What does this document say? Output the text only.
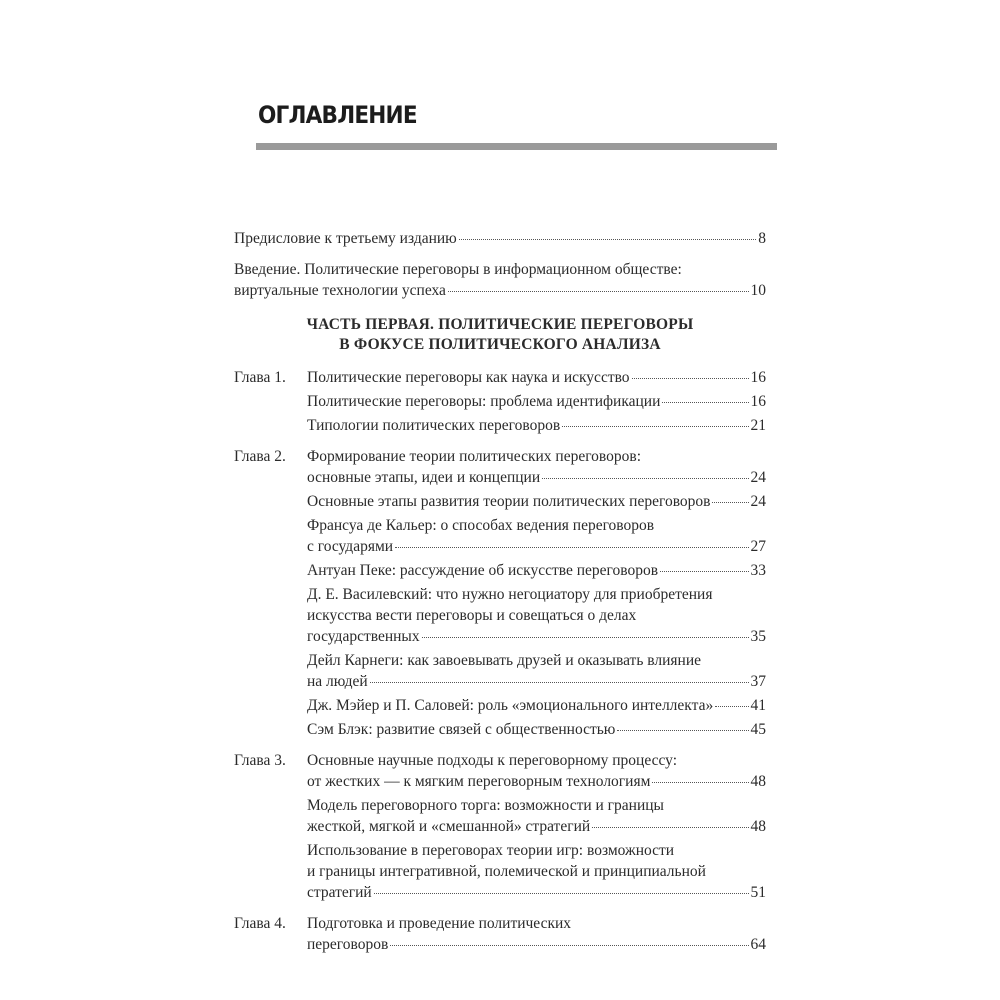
ОГЛАВЛЕНИЕ
Предисловие к третьему изданию	8
Введение. Политические переговоры в информационном обществе:
виртуальные технологии успеха	10
ЧАСТЬ ПЕРВАЯ. ПОЛИТИЧЕСКИЕ ПЕРЕГОВОРЫ
В ФОКУСЕ ПОЛИТИЧЕСКОГО АНАЛИЗА
Глава 1.	Политические переговоры как наука и искусство	16
Политические переговоры: проблема идентификации	16
Типологии политических переговоров	21
Глава 2.	Формирование теории политических переговоров:
основные этапы, идеи и концепции	24
Основные этапы развития теории политических переговоров	24
Франсуа де Кальер: о способах ведения переговоров
с государями	27
Антуан Пеке: рассуждение об искусстве переговоров	33
Д. Е. Василевский: что нужно негоциатору для приобретения
искусства вести переговоры и совещаться о делах
государственных	35
Дейл Карнеги: как завоевывать друзей и оказывать влияние
на людей	37
Дж. Мэйер и П. Саловей: роль «эмоционального интеллекта» 41
Сэм Блэк: развитие связей с общественностью	45
Глава 3.	Основные научные подходы к переговорному процессу:
от жестких — к мягким переговорным технологиям	48
Модель переговорного торга: возможности и границы
жесткой, мягкой и «смешанной» стратегий	48
Использование в переговорах теории игр: возможности
и границы интегративной, полемической и принципиальной
стратегий	51
Глава 4.	Подготовка и проведение политических
переговоров	64
